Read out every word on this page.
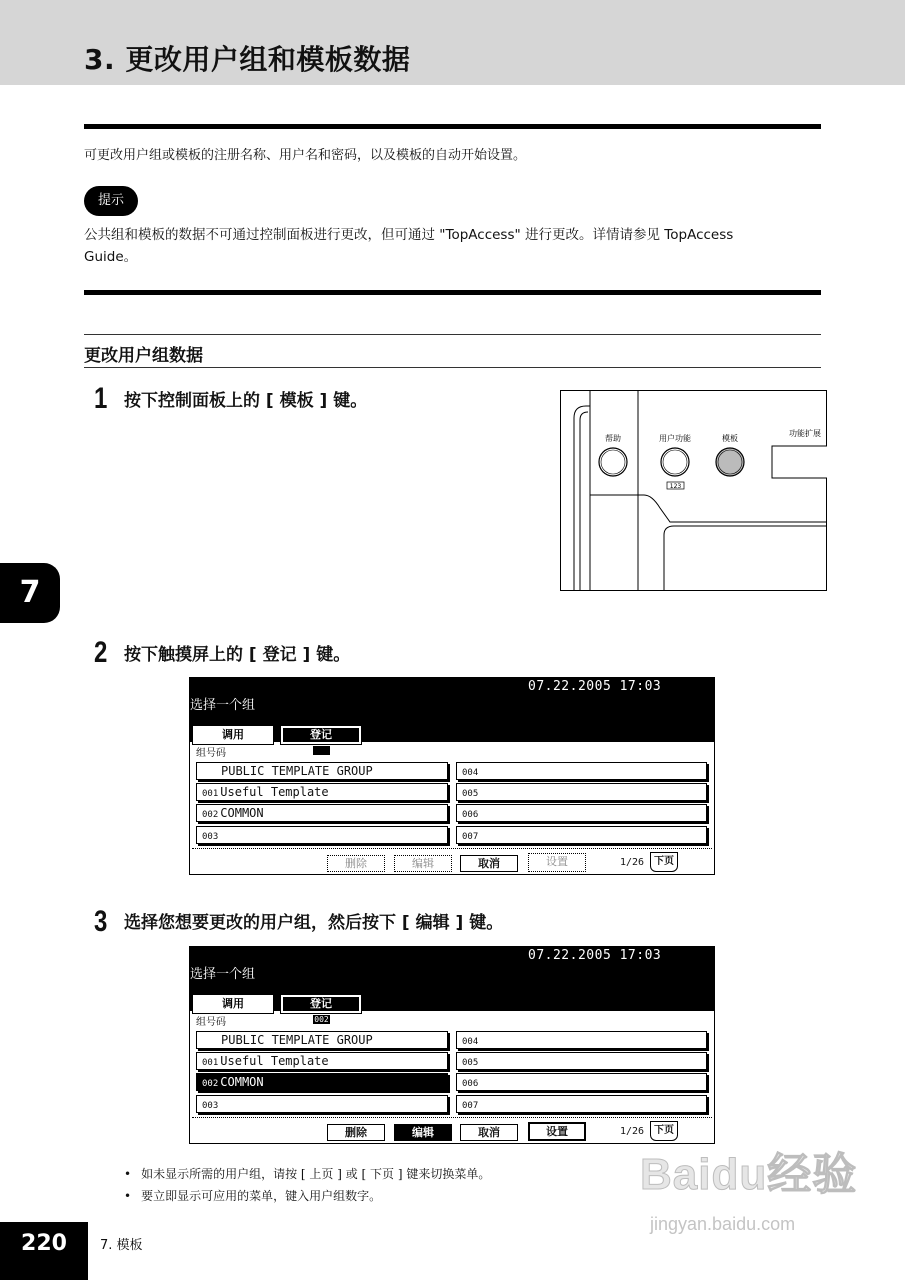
3. 更改用户组和模板数据

可更改用户组或模板的注册名称、用户名和密码，以及模板的自动开始设置。

提示

公共组和模板的数据不可通过控制面板进行更改，但可通过 "TopAccess" 进行更改。详情请参见 TopAccess Guide。

更改用户组数据
1 按下控制面板上的 [ 模板 ] 键。
帮助	用户功能
123
模板
功能扩展
7
2 按下触摸屏上的 [ 登记 ] 键。
07.22.2005 17:03
选择一个组
调用	登记
组号码
PUBLIC TEMPLATE GROUP
001 Useful Template
002 COMMON
003
004
005
006
007
删除	编辑	取消	设置	1/26 下页
3 选择您想要更改的用户组，然后按下 [ 编辑 ] 键。
07.22.2005 17:03
选择一个组
调用	登记
组号码	002
PUBLIC TEMPLATE GROUP
001 Useful Template
002 COMMON
003
004
005
006
007
删除	编辑	取消	设置	1/26 下页
• 如未显示所需的用户组，请按 [ 上页 ] 或 [ 下页 ] 键来切换菜单。
• 要立即显示可应用的菜单，键入用户组数字。
220	7. 模板
Baidu经验
jingyan.baidu.com
